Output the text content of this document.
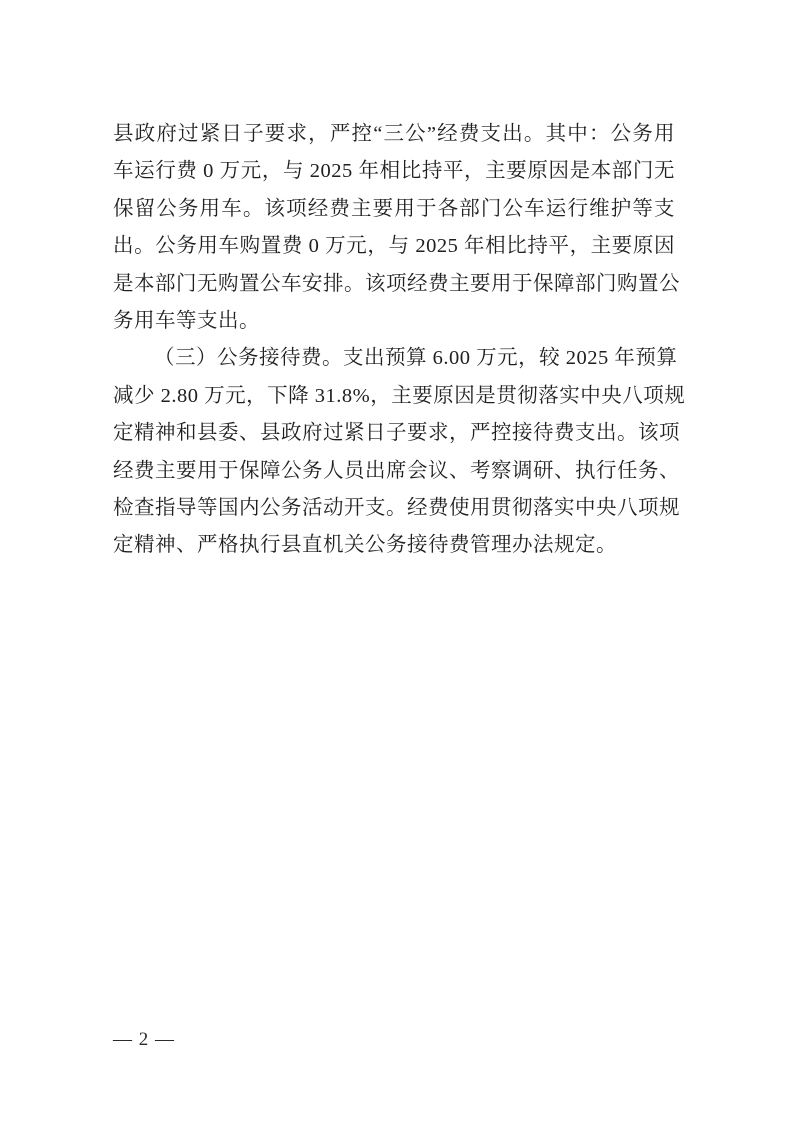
县政府过紧日子要求，严控“三公”经费支出。其中：公务用
车运行费 0 万元，与 2025 年相比持平，主要原因是本部门无
保留公务用车。该项经费主要用于各部门公车运行维护等支
出。公务用车购置费 0 万元，与 2025 年相比持平，主要原因
是本部门无购置公车安排。该项经费主要用于保障部门购置公
务用车等支出。
（三）公务接待费。支出预算 6.00 万元，较 2025 年预算
减少 2.80 万元，下降 31.8%，主要原因是贯彻落实中央八项规
定精神和县委、县政府过紧日子要求，严控接待费支出。该项
经费主要用于保障公务人员出席会议、考察调研、执行任务、
检查指导等国内公务活动开支。经费使用贯彻落实中央八项规
定精神、严格执行县直机关公务接待费管理办法规定。
— 2 —
